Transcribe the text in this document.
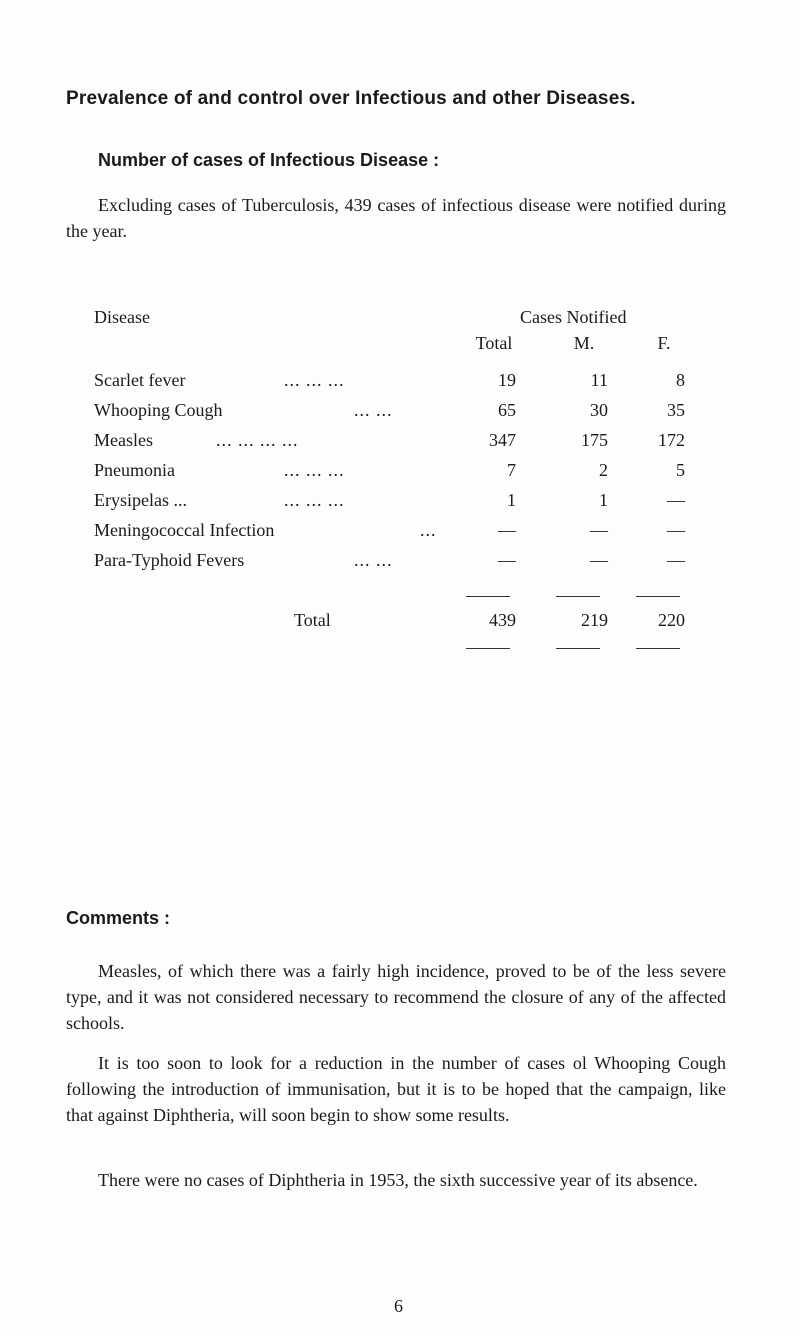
Prevalence of and control over Infectious and other Diseases.
Number of cases of Infectious Disease :
Excluding cases of Tuberculosis, 439 cases of infectious disease were notified during the year.
Disease	Cases Notified
Total	M.	F.
Scarlet fever	... ... ...	19	11	8
Whooping Cough	... ...	65	30	35
Measles	... ... ... ...	347	175	172
Pneumonia	... ... ...	7	2	5
Erysipelas ...	... ... ...	1	1	—
Meningococcal Infection	...	—	—	—
Para-Typhoid Fevers	... ...	—	—	—
Total	439	219	220
Comments :
Measles, of which there was a fairly high incidence, proved to be of the less severe type, and it was not considered necessary to recommend the closure of any of the affected schools.
It is too soon to look for a reduction in the number of cases ol Whooping Cough following the introduction of immunisation, but it is to be hoped that the campaign, like that against Diphtheria, will soon begin to show some results.
There were no cases of Diphtheria in 1953, the sixth successive year of its absence.
6
